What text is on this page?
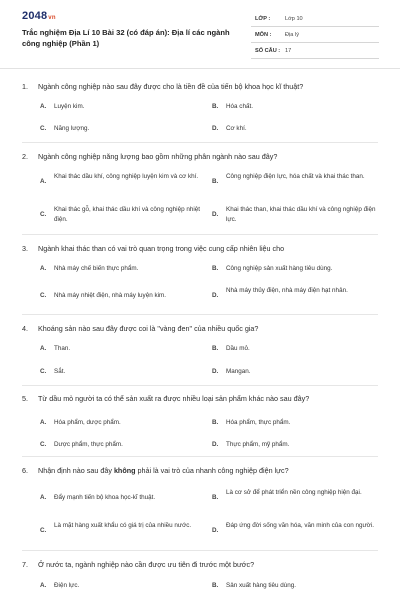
2048vn
Trắc nghiệm Địa Lí 10 Bài 32 (có đáp án): Địa lí các ngành công nghiệp (Phần 1)
LỚP :	Lớp 10
MÔN : Địa lý
SỐ CÂU : 17
1. Ngành công nghiệp nào sau đây được cho là tiền đề của tiến bộ khoa học kĩ thuật?
A. Luyện kim.	B. Hóa chất.
C. Năng lượng.	D. Cơ khí.
2. Ngành công nghiệp năng lượng bao gồm những phân ngành nào sau đây?
A.
Khai thác dầu khí, công nghiệp luyện kim và cơ khí.
B.
Công nghiệp điện lực, hóa chất và khai thác than.
C.
Khai thác gỗ, khai thác dầu khí và công nghiệp nhiệt điện.
D.
Khai thác than, khai thác dầu khí và công nghiệp điện lực.
3. Ngành khai thác than có vai trò quan trọng trong việc cung cấp nhiên liệu cho
A. Nhà máy chế biến thực phẩm.	B. Công nghiệp sản xuất hàng tiêu dùng.
C. Nhà máy nhiệt điện, nhà máy luyện kim.	D.
Nhà máy thủy điện, nhà máy điện hạt nhân.
4. Khoáng sản nào sau đây được coi là "vàng đen" của nhiều quốc gia?
A. Than.	B. Dầu mỏ.
C. Sắt.	D. Mangan.
5. Từ dầu mỏ người ta có thể sản xuất ra được nhiều loại sản phẩm khác nào sau đây?
A. Hóa phẩm, dược phẩm.	B. Hóa phẩm, thực phẩm.
C. Dược phẩm, thực phẩm.	D. Thực phẩm, mỹ phẩm.
6. Nhận định nào sau đây không phải là vai trò của nhanh công nghiệp điện lực?
A. Đẩy mạnh tiến bộ khoa học-kĩ thuật.	B.
Là cơ sở để phát triển nền công nghiệp hiện đại.
C.
Là mặt hàng xuất khẩu có giá trị của nhiều nước.
D.
Đáp ứng đời sống văn hóa, văn minh của con người.
7. Ở nước ta, ngành nghiệp nào cần được ưu tiên đi trước một bước?
A. Điện lực.	B. Sản xuất hàng tiêu dùng.
